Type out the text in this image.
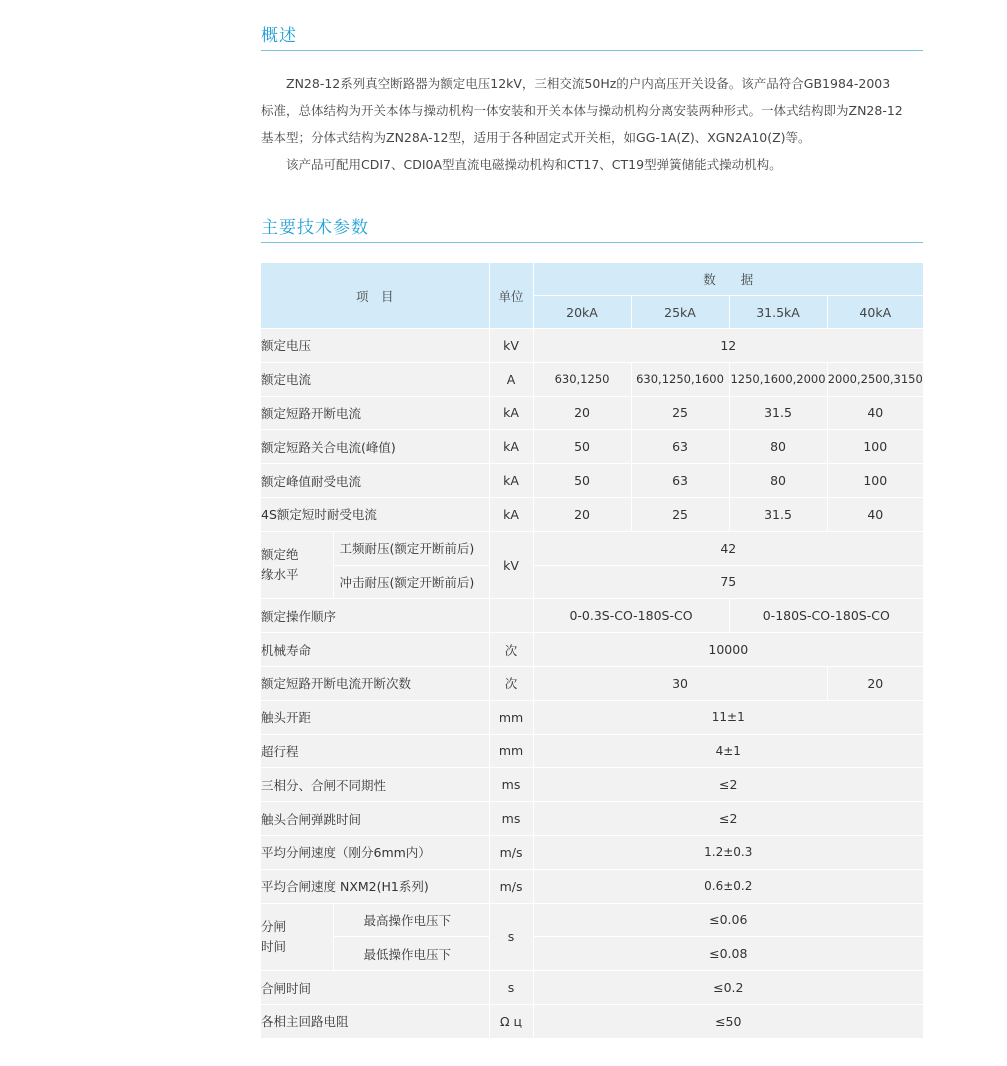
概述

ZN28-12系列真空断路器为额定电压12kV，三相交流50Hz的户内高压开关设备。该产品符合GB1984-2003

标准，总体结构为开关本体与操动机构一体安装和开关本体与操动机构分离安装两种形式。一体式结构即为ZN28-12

基本型；分体式结构为ZN28A-12型，适用于各种固定式开关柜，如GG-1A(Z)、XGN2A10(Z)等。

该产品可配用CDI7、CDI0A型直流电磁操动机构和CT17、CT19型弹簧储能式操动机构。

主要技术参数
项　目		单位	数　　据			
			20kA	25kA	31.5kA	40kA
额定电压		kV	12			
额定电流		A	630,1250	630,1250,1600	1250,1600,2000	2000,2500,3150
额定短路开断电流		kA	20	25	31.5	40
额定短路关合电流(峰值)		kA	50	63	80	100
额定峰值耐受电流		kA	50	63	80	100
4S额定短时耐受电流		kA	20	25	31.5	40
额定绝
缘水平	工频耐压(额定开断前后)	kV	42			
	冲击耐压(额定开断前后)		75			
额定操作顺序			0-0.3S-CO-180S-CO		0-180S-CO-180S-CO	
机械寿命		次	10000			
额定短路开断电流开断次数		次	30			20
触头开距		mm	11±1			
超行程		mm	4±1			
三相分、合闸不同期性		ms	≤2			
触头合闸弹跳时间		ms	≤2			
平均分闸速度（刚分6mm内）		m/s	1.2±0.3			
平均合闸速度 NXM2(H1系列)		m/s	0.6±0.2			
分闸
时间	最高操作电压下	s	≤0.06			
	最低操作电压下		≤0.08			
合闸时间		s	≤0.2			
各相主回路电阻		Ω ц	≤50			
